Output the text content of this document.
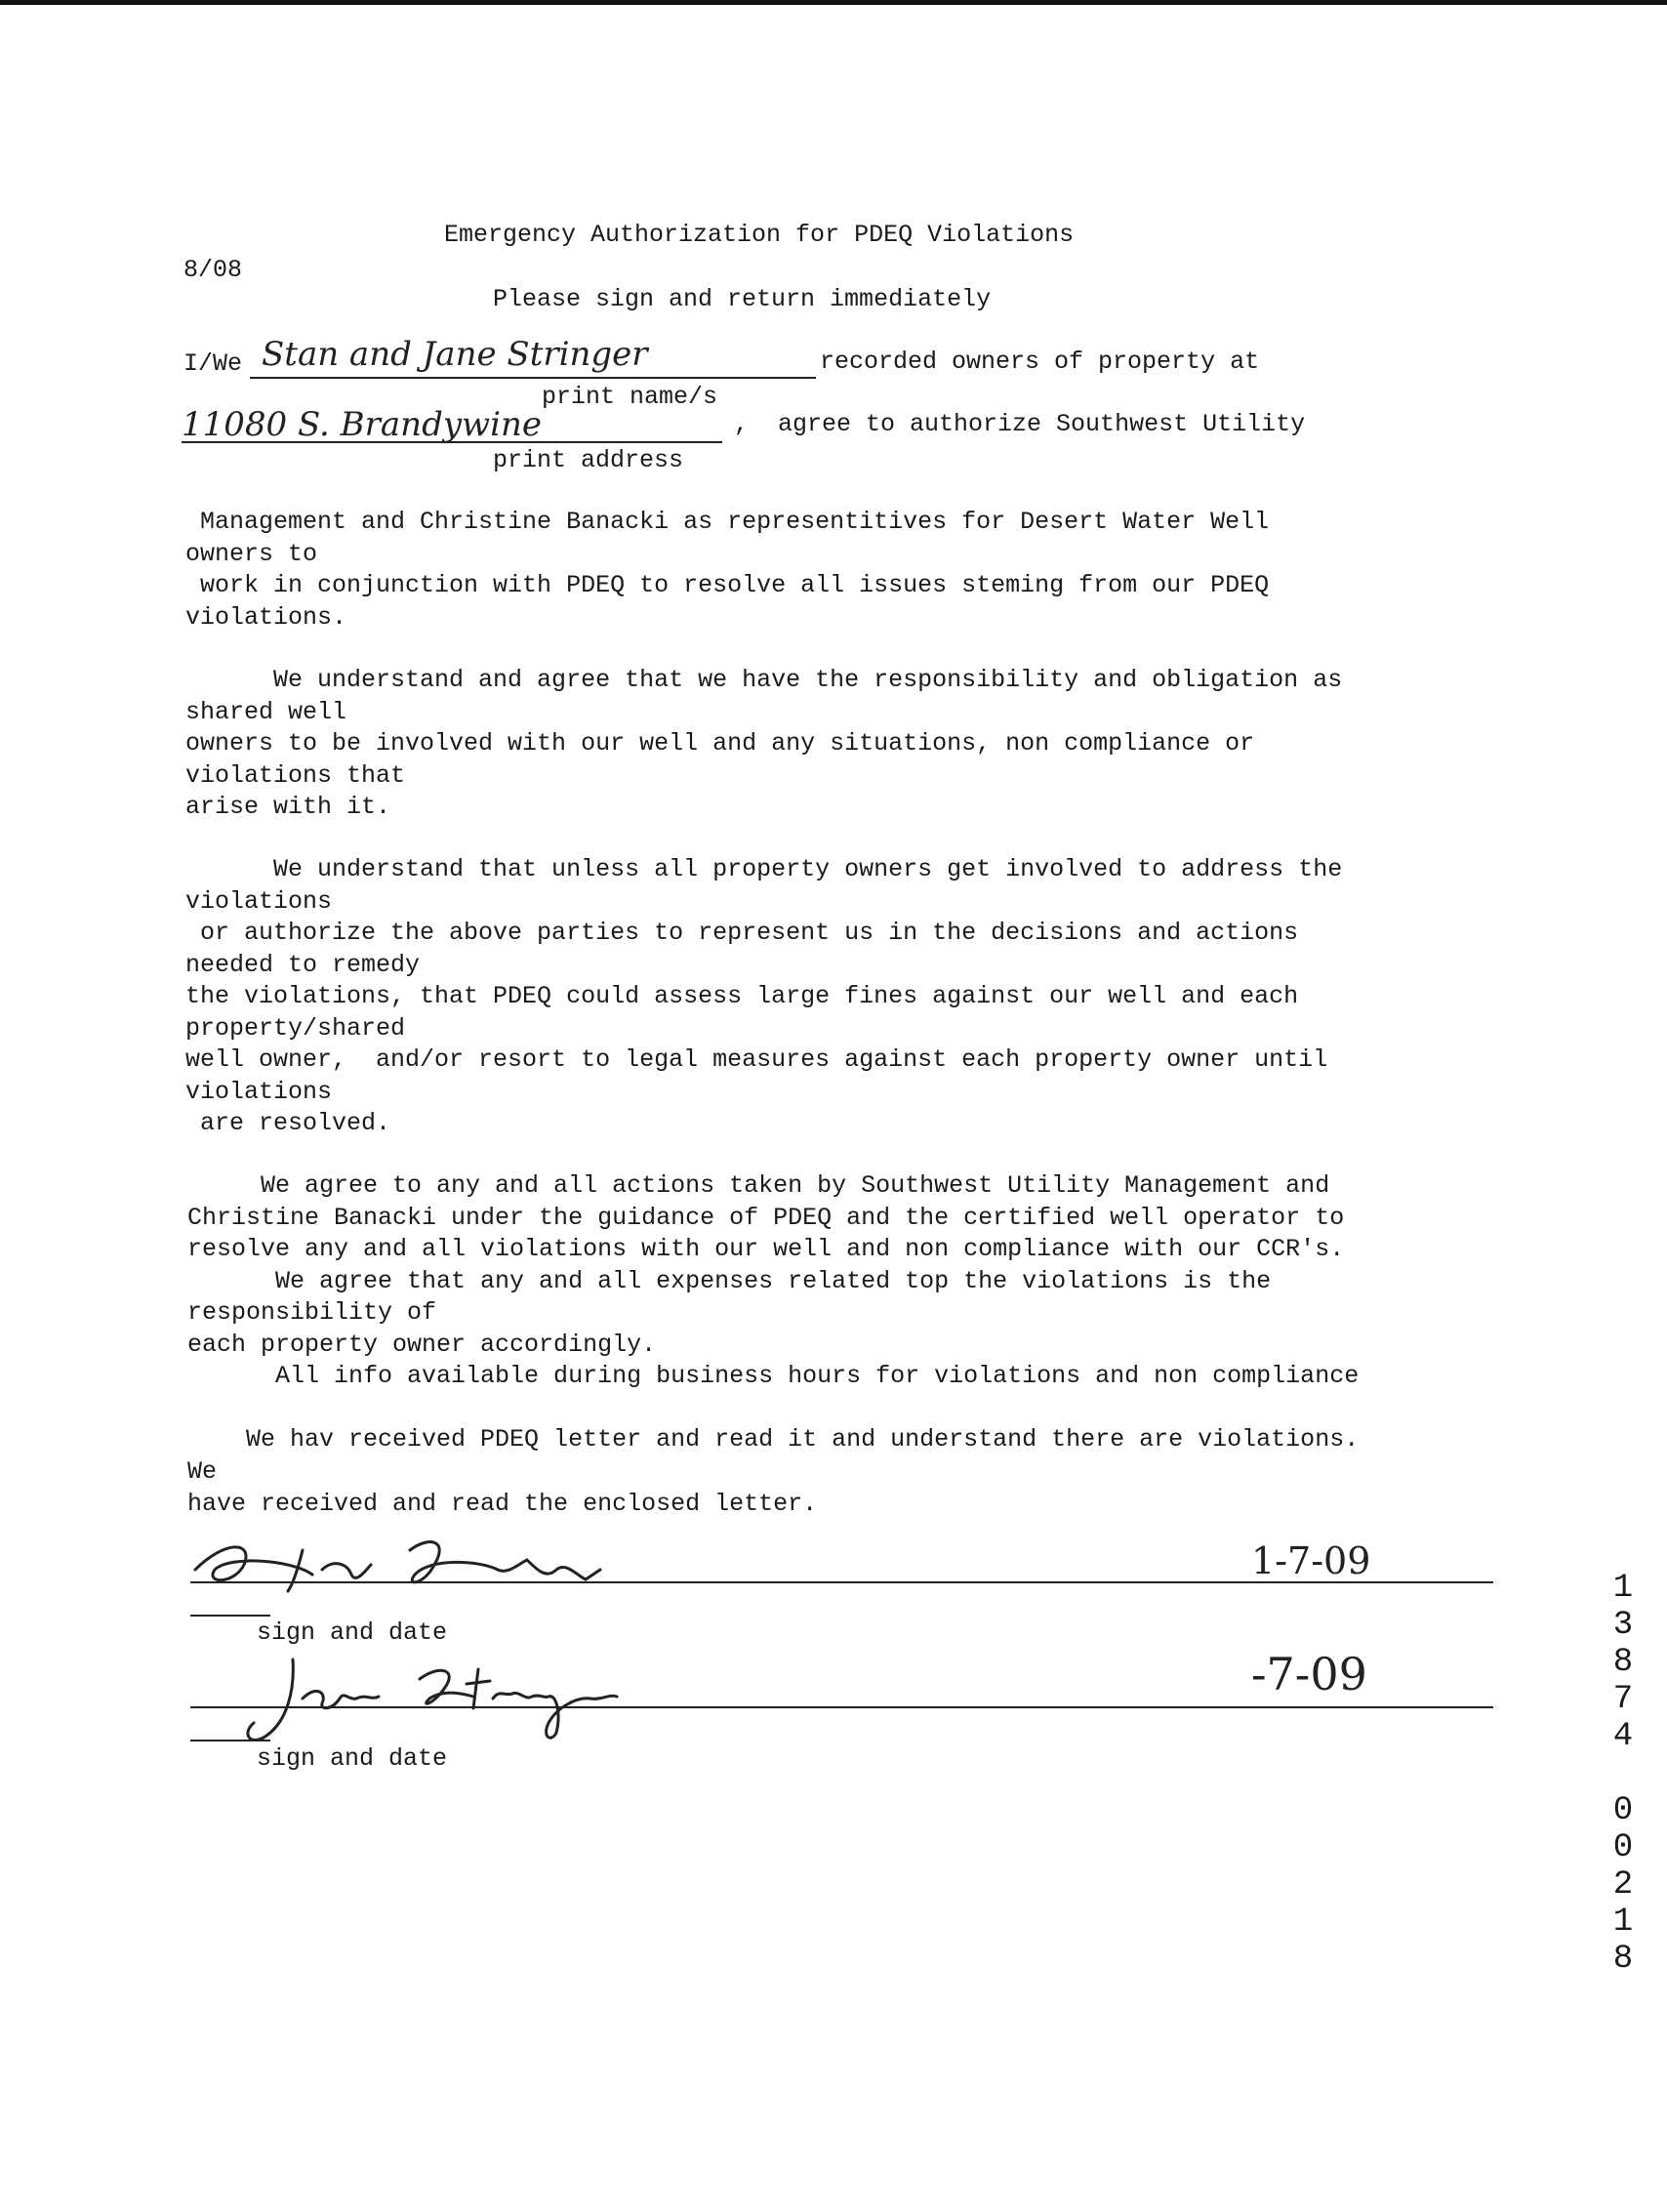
Emergency Authorization for PDEQ Violations
8/08
Please sign and return immediately
I/We Stan and Jane Stringer	recorded owners of property at
print name/s
11080 S. Brandywine	,  agree to authorize Southwest Utility
print address
Management and Christine Banacki as representitives for Desert Water Well
owners to
work in conjunction with PDEQ to resolve all issues steming from our PDEQ
violations.
We understand and agree that we have the responsibility and obligation as
shared well
owners to be involved with our well and any situations, non compliance or
violations that
arise with it.
We understand that unless all property owners get involved to address the
violations
or authorize the above parties to represent us in the decisions and actions
needed to remedy
the violations, that PDEQ could assess large fines against our well and each
property/shared
well owner,  and/or resort to legal measures against each property owner until
violations
are resolved.
We agree to any and all actions taken by Southwest Utility Management and
Christine Banacki under the guidance of PDEQ and the certified well operator to
resolve any and all violations with our well and non compliance with our CCR's.
We agree that any and all expenses related top the violations is the
responsibility of
each property owner accordingly.
All info available during business hours for violations and non compliance
We hav received PDEQ letter and read it and understand there are violations.
We
have received and read the enclosed letter.
1-7-09
sign and date
-7-09
sign and date	13874 00218
